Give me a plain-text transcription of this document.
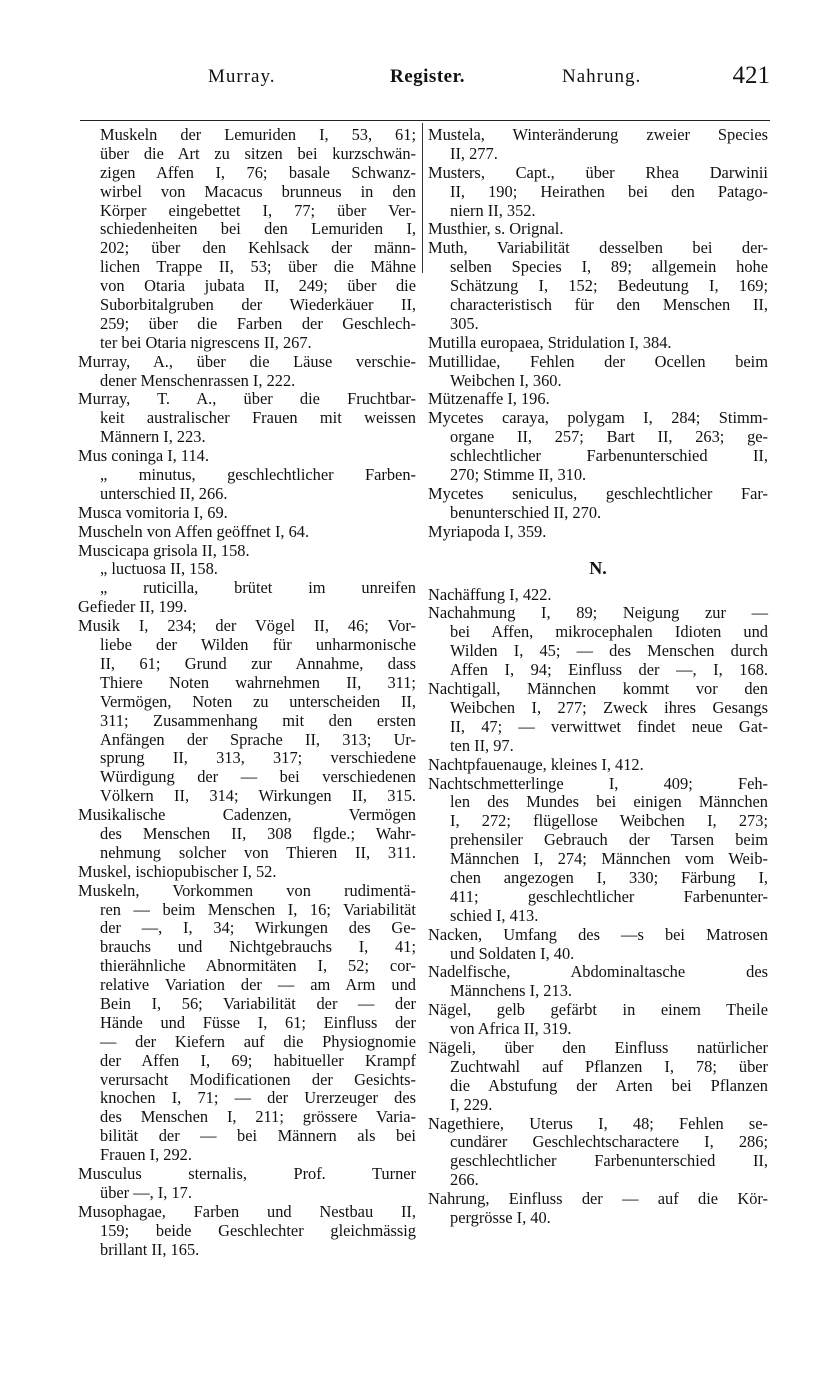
Murray.	Register.	Nahrung.	421
Muskeln der Lemuriden I, 53, 61;
über die Art zu sitzen bei kurzschwän-
zigen Affen I, 76; basale Schwanz-
wirbel von Macacus brunneus in den
Körper eingebettet I, 77; über Ver-
schiedenheiten bei den Lemuriden I,
202; über den Kehlsack der männ-
lichen Trappe II, 53; über die Mähne
von Otaria jubata II, 249; über die
Suborbitalgruben der Wiederkäuer II,
259; über die Farben der Geschlech-
ter bei Otaria nigrescens II, 267.
Murray, A., über die Läuse verschie-
dener Menschenrassen I, 222.
Murray, T. A., über die Fruchtbar-
keit australischer Frauen mit weissen
Männern I, 223.
Mus coninga I, 114.
„ minutus, geschlechtlicher Farben-
unterschied II, 266.
Musca vomitoria I, 69.
Muscheln von Affen geöffnet I, 64.
Muscicapa grisola II, 158.
„ luctuosa II, 158.
„ ruticilla, brütet im unreifen
Gefieder II, 199.
Musik I, 234; der Vögel II, 46; Vor-
liebe der Wilden für unharmonische
II, 61; Grund zur Annahme, dass
Thiere Noten wahrnehmen II, 311;
Vermögen, Noten zu unterscheiden II,
311; Zusammenhang mit den ersten
Anfängen der Sprache II, 313; Ur-
sprung II, 313, 317; verschiedene
Würdigung der — bei verschiedenen
Völkern II, 314; Wirkungen II, 315.
Musikalische Cadenzen, Vermögen
des Menschen II, 308 flgde.; Wahr-
nehmung solcher von Thieren II, 311.
Muskel, ischiopubischer I, 52.
Muskeln, Vorkommen von rudimentä-
ren — beim Menschen I, 16; Variabilität
der —, I, 34; Wirkungen des Ge-
brauchs und Nichtgebrauchs I, 41;
thierähnliche Abnormitäten I, 52; cor-
relative Variation der — am Arm und
Bein I, 56; Variabilität der — der
Hände und Füsse I, 61; Einfluss der
— der Kiefern auf die Physiognomie
der Affen I, 69; habitueller Krampf
verursacht Modificationen der Gesichts-
knochen I, 71; — der Urerzeuger des
des Menschen I, 211; grössere Varia-
bilität der — bei Männern als bei
Frauen I, 292.
Musculus sternalis, Prof. Turner
über —, I, 17.
Musophagae, Farben und Nestbau II,
159; beide Geschlechter gleichmässig
brillant II, 165.
Mustela, Winteränderung zweier Species
II, 277.
Musters, Capt., über Rhea Darwinii
II, 190; Heirathen bei den Patago-
niern II, 352.
Musthier, s. Orignal.
Muth, Variabilität desselben bei der-
selben Species I, 89; allgemein hohe
Schätzung I, 152; Bedeutung I, 169;
characteristisch für den Menschen II,
305.
Mutilla europaea, Stridulation I, 384.
Mutillidae, Fehlen der Ocellen beim
Weibchen I, 360.
Mützenaffe I, 196.
Mycetes caraya, polygam I, 284; Stimm-
organe II, 257; Bart II, 263; ge-
schlechtlicher Farbenunterschied II,
270; Stimme II, 310.
Mycetes seniculus, geschlechtlicher Far-
benunterschied II, 270.
Myriapoda I, 359.
N.
Nachäffung I, 422.
Nachahmung I, 89; Neigung zur —
bei Affen, mikrocephalen Idioten und
Wilden I, 45; — des Menschen durch
Affen I, 94; Einfluss der —, I, 168.
Nachtigall, Männchen kommt vor den
Weibchen I, 277; Zweck ihres Gesangs
II, 47; — verwittwet findet neue Gat-
ten II, 97.
Nachtpfauenauge, kleines I, 412.
Nachtschmetterlinge I, 409; Feh-
len des Mundes bei einigen Männchen
I, 272; flügellose Weibchen I, 273;
prehensiler Gebrauch der Tarsen beim
Männchen I, 274; Männchen vom Weib-
chen angezogen I, 330; Färbung I,
411; geschlechtlicher Farbenunter-
schied I, 413.
Nacken, Umfang des —s bei Matrosen
und Soldaten I, 40.
Nadelfische, Abdominaltasche des
Männchens I, 213.
Nägel, gelb gefärbt in einem Theile
von Africa II, 319.
Nägeli, über den Einfluss natürlicher
Zuchtwahl auf Pflanzen I, 78; über
die Abstufung der Arten bei Pflanzen
I, 229.
Nagethiere, Uterus I, 48; Fehlen se-
cundärer Geschlechtscharactere I, 286;
geschlechtlicher Farbenunterschied II,
266.
Nahrung, Einfluss der — auf die Kör-
pergrösse I, 40.
